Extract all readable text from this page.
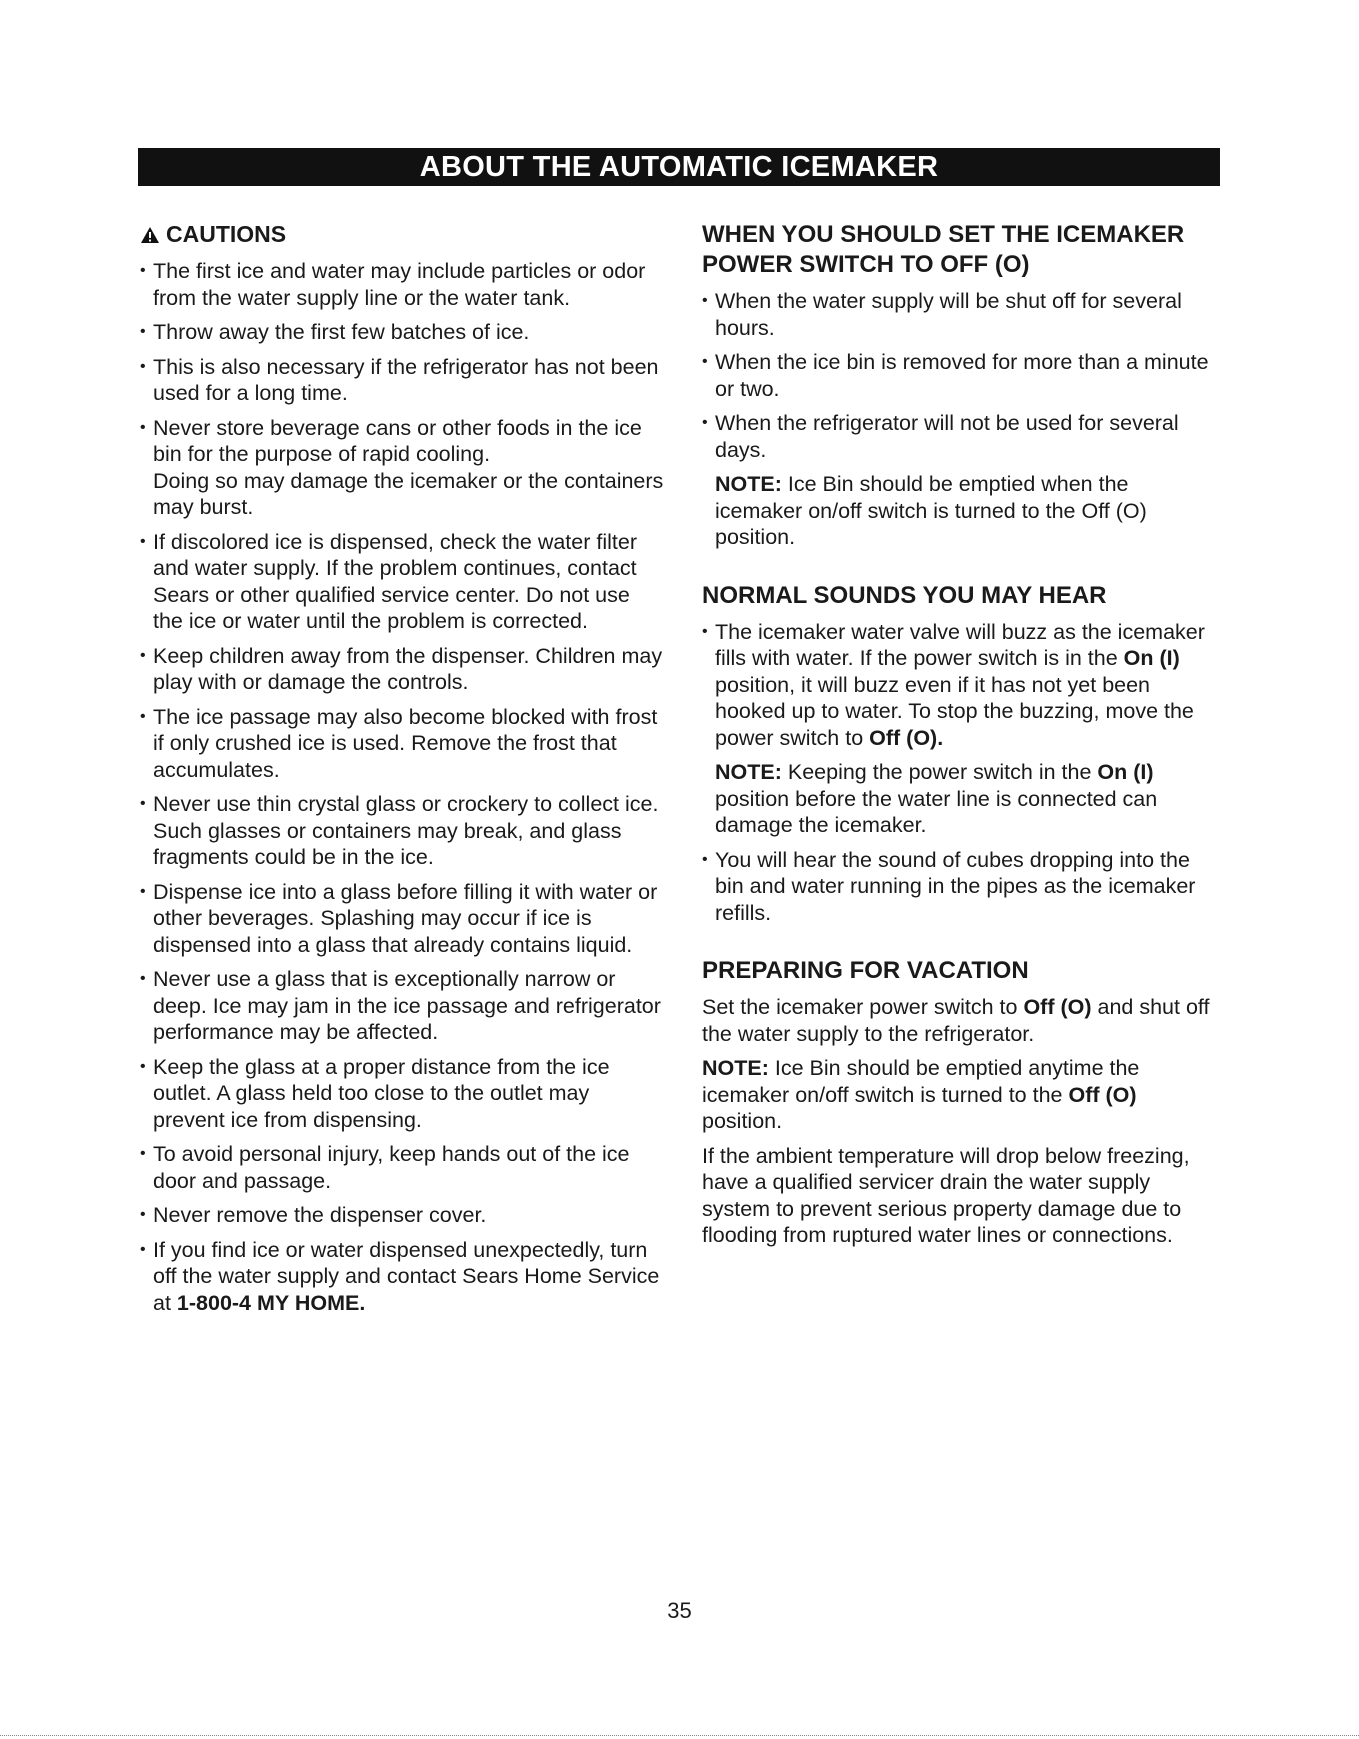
ABOUT THE AUTOMATIC ICEMAKER
CAUTIONS
• The first ice and water may include particles or odor from the water supply line or the water tank.
• Throw away the first few batches of ice.
• This is also necessary if the refrigerator has not been used for a long time.
• Never store beverage cans or other foods in the ice bin for the purpose of rapid cooling.
Doing so may damage the icemaker or the containers may burst.
• If discolored ice is dispensed, check the water filter and water supply. If the problem continues, contact Sears or other qualified service center. Do not use the ice or water until the problem is corrected.
• Keep children away from the dispenser. Children may play with or damage the controls.
• The ice passage may also become blocked with frost if only crushed ice is used. Remove the frost that accumulates.
• Never use thin crystal glass or crockery to collect ice. Such glasses or containers may break, and glass fragments could be in the ice.
• Dispense ice into a glass before filling it with water or other beverages. Splashing may occur if ice is dispensed into a glass that already contains liquid.
• Never use a glass that is exceptionally narrow or deep. Ice may jam in the ice passage and refrigerator performance may be affected.
• Keep the glass at a proper distance from the ice outlet. A glass held too close to the outlet may prevent ice from dispensing.
• To avoid personal injury, keep hands out of the ice door and passage.
• Never remove the dispenser cover.
• If you find ice or water dispensed unexpectedly, turn off the water supply and contact Sears Home Service at 1-800-4 MY HOME.
WHEN YOU SHOULD SET THE ICEMAKER
POWER SWITCH TO OFF (O)
• When the water supply will be shut off for several hours.
• When the ice bin is removed for more than a minute or two.
• When the refrigerator will not be used for several days.
NOTE: Ice Bin should be emptied when the icemaker on/off switch is turned to the Off (O) position.
NORMAL SOUNDS YOU MAY HEAR
• The icemaker water valve will buzz as the icemaker fills with water. If the power switch is in the On (I) position, it will buzz even if it has not yet been hooked up to water. To stop the buzzing, move the power switch to Off (O).
NOTE: Keeping the power switch in the On (I) position before the water line is connected can damage the icemaker.
• You will hear the sound of cubes dropping into the bin and water running in the pipes as the icemaker refills.
PREPARING FOR VACATION
Set the icemaker power switch to Off (O) and shut off the water supply to the refrigerator.
NOTE: Ice Bin should be emptied anytime the icemaker on/off switch is turned to the Off (O) position.
If the ambient temperature will drop below freezing, have a qualified servicer drain the water supply system to prevent serious property damage due to flooding from ruptured water lines or connections.
35
